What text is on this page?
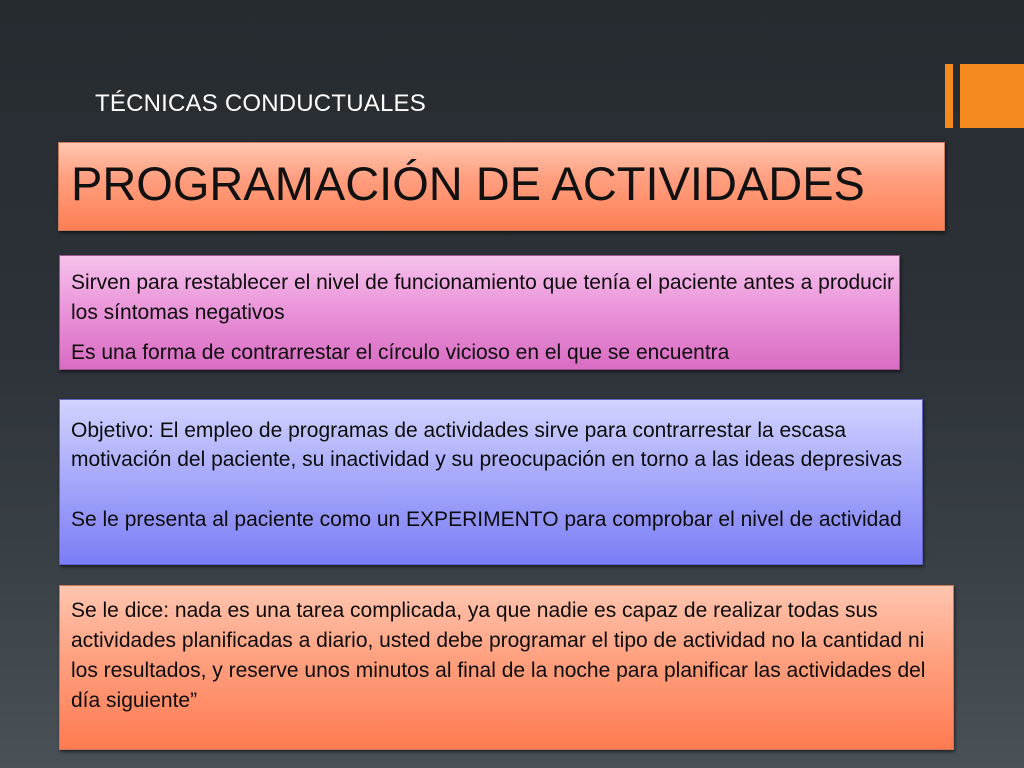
TÉCNICAS CONDUCTUALES
PROGRAMACIÓN DE ACTIVIDADES

Sirven para restablecer el nivel de funcionamiento que tenía el paciente antes a producir los síntomas negativos

Es una forma de contrarrestar el círculo vicioso en el que se encuentra

Objetivo: El empleo de programas de actividades sirve para contrarrestar la escasa motivación del paciente, su inactividad y su preocupación en torno a las ideas depresivas

Se le presenta al paciente como un EXPERIMENTO para comprobar el nivel de actividad

Se le dice: nada es una tarea complicada, ya que nadie es capaz de realizar todas sus actividades planificadas a diario, usted debe programar el tipo de actividad no la cantidad ni los resultados, y reserve unos minutos al final de la noche para planificar las actividades del día siguiente”
